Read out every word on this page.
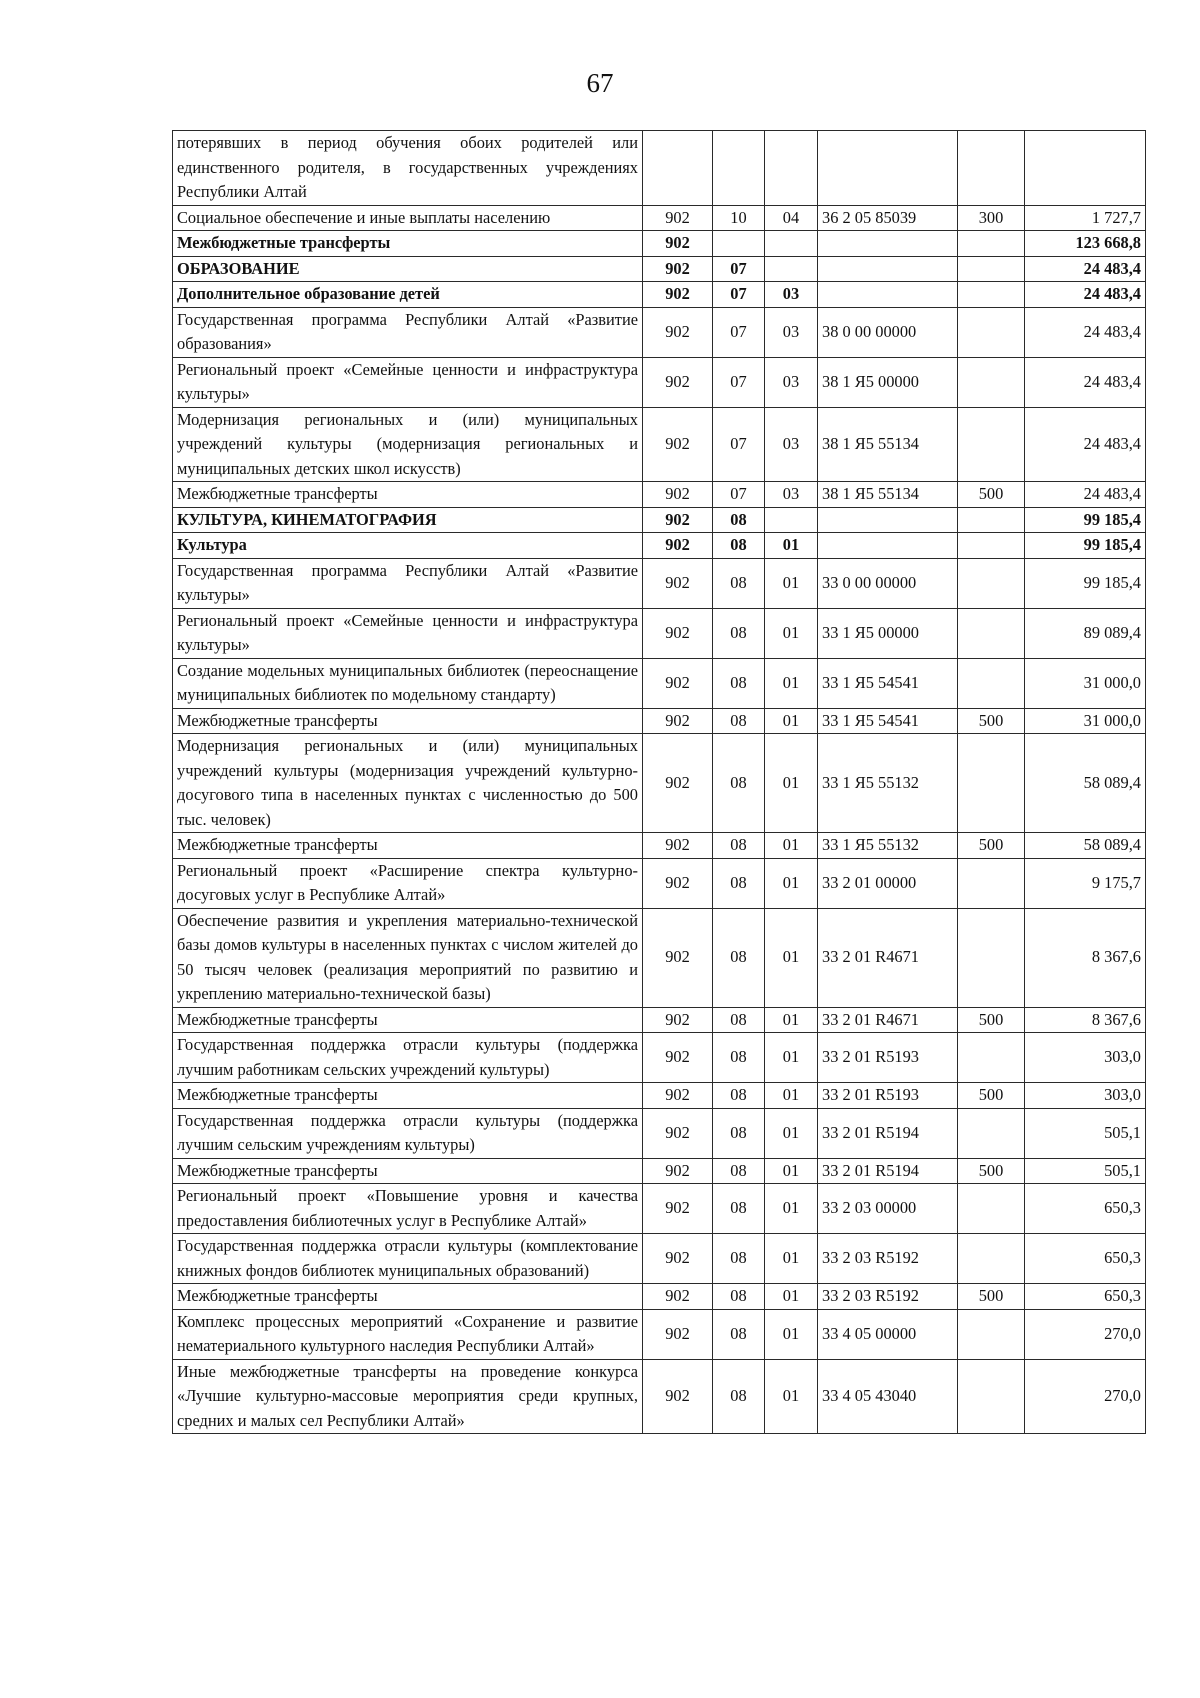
67
потерявших в период обучения обоих родителей или единственного родителя, в государственных учреждениях Республики Алтай						
Социальное обеспечение и иные выплаты населению	902	10	04	36 2 05 85039	300	1 727,7
Межбюджетные трансферты	902					123 668,8
ОБРАЗОВАНИЕ	902	07				24 483,4
Дополнительное образование детей	902	07	03			24 483,4
Государственная программа Республики Алтай «Развитие образования»	902	07	03	38 0 00 00000		24 483,4
Региональный проект «Семейные ценности и инфраструктура культуры»	902	07	03	38 1 Я5 00000		24 483,4
Модернизация региональных и (или) муниципальных учреждений культуры (модернизация региональных и муниципальных детских школ искусств)	902	07	03	38 1 Я5 55134		24 483,4
Межбюджетные трансферты	902	07	03	38 1 Я5 55134	500	24 483,4
КУЛЬТУРА, КИНЕМАТОГРАФИЯ	902	08				99 185,4
Культура	902	08	01			99 185,4
Государственная программа Республики Алтай «Развитие культуры»	902	08	01	33 0 00 00000		99 185,4
Региональный проект «Семейные ценности и инфраструктура культуры»	902	08	01	33 1 Я5 00000		89 089,4
Создание модельных муниципальных библиотек (переоснащение муниципальных библиотек по модельному стандарту)	902	08	01	33 1 Я5 54541		31 000,0
Межбюджетные трансферты	902	08	01	33 1 Я5 54541	500	31 000,0
Модернизация региональных и (или) муниципальных учреждений культуры (модернизация учреждений культурно-досугового типа в населенных пунктах с численностью до 500 тыс. человек)	902	08	01	33 1 Я5 55132		58 089,4
Межбюджетные трансферты	902	08	01	33 1 Я5 55132	500	58 089,4
Региональный проект «Расширение спектра культурно-досуговых услуг в Республике Алтай»	902	08	01	33 2 01 00000		9 175,7
Обеспечение развития и укрепления материально-технической базы домов культуры в населенных пунктах с числом жителей до 50 тысяч человек (реализация мероприятий по развитию и укреплению материально-технической базы)	902	08	01	33 2 01 R4671		8 367,6
Межбюджетные трансферты	902	08	01	33 2 01 R4671	500	8 367,6
Государственная поддержка отрасли культуры (поддержка лучшим работникам сельских учреждений культуры)	902	08	01	33 2 01 R5193		303,0
Межбюджетные трансферты	902	08	01	33 2 01 R5193	500	303,0
Государственная поддержка отрасли культуры (поддержка лучшим сельским учреждениям культуры)	902	08	01	33 2 01 R5194		505,1
Межбюджетные трансферты	902	08	01	33 2 01 R5194	500	505,1
Региональный проект «Повышение уровня и качества предоставления библиотечных услуг в Республике Алтай»	902	08	01	33 2 03 00000		650,3
Государственная поддержка отрасли культуры (комплектование книжных фондов библиотек муниципальных образований)	902	08	01	33 2 03 R5192		650,3
Межбюджетные трансферты	902	08	01	33 2 03 R5192	500	650,3
Комплекс процессных мероприятий «Сохранение и развитие нематериального культурного наследия Республики Алтай»	902	08	01	33 4 05 00000		270,0
Иные межбюджетные трансферты на проведение конкурса «Лучшие культурно-массовые мероприятия среди крупных, средних и малых сел Республики Алтай»	902	08	01	33 4 05 43040		270,0
